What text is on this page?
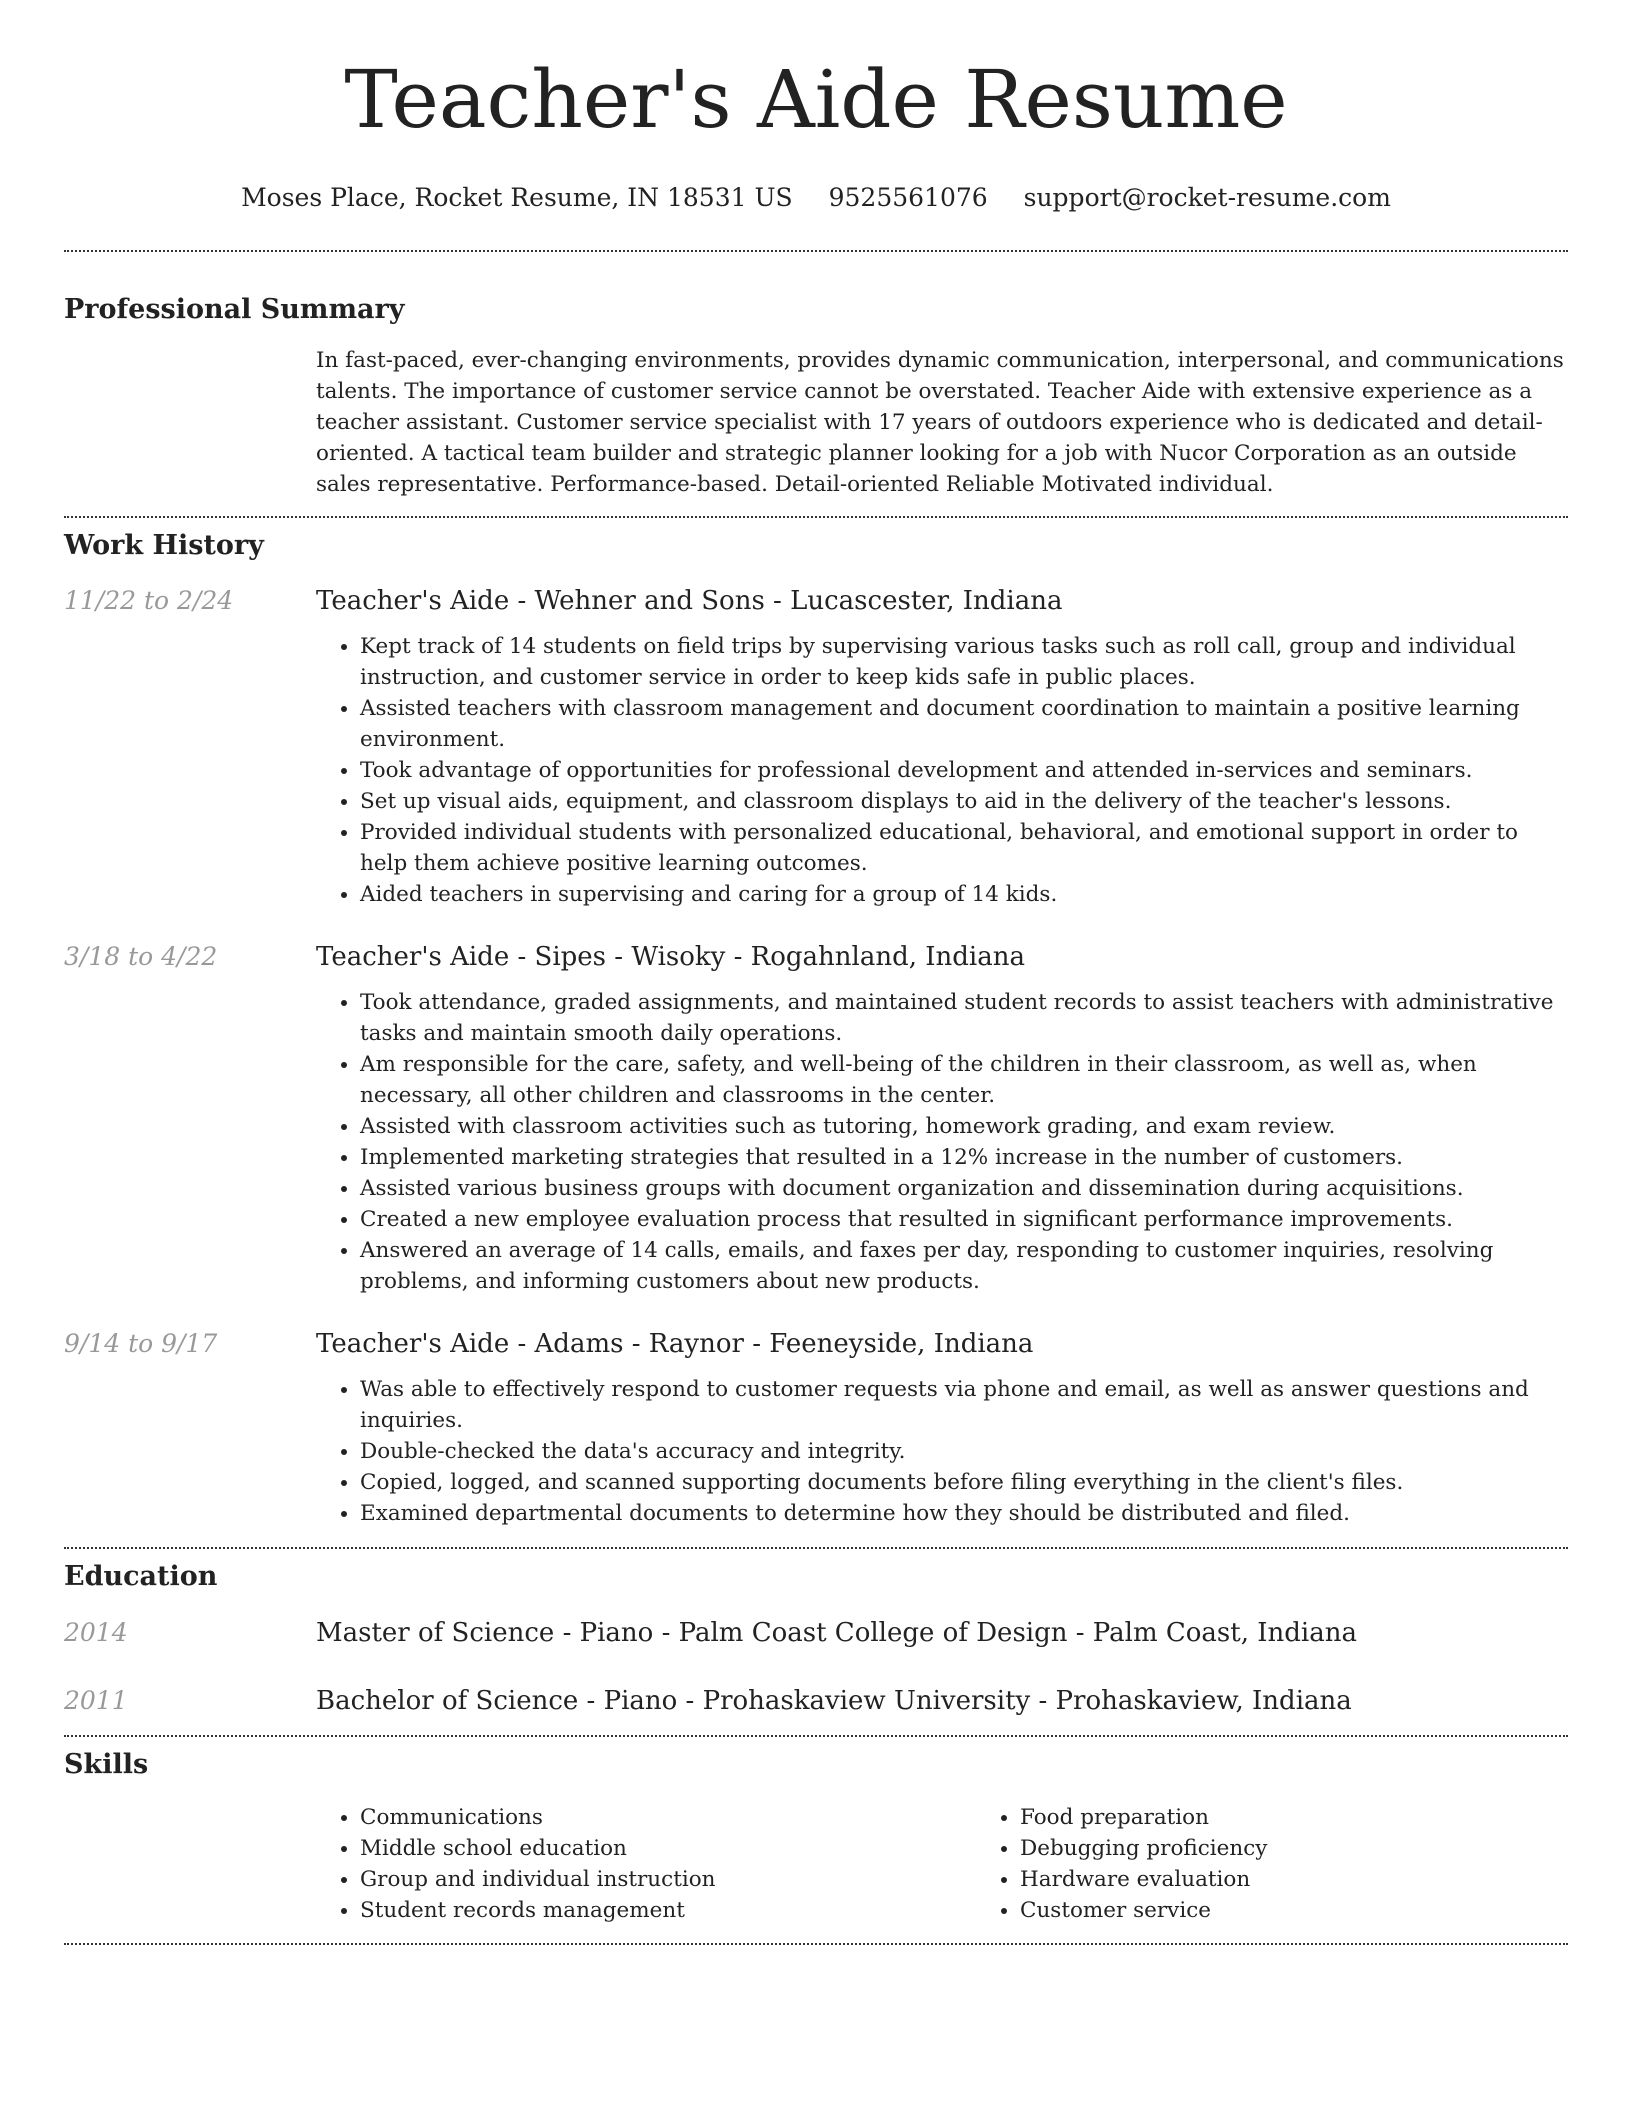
Teacher's Aide Resume
Moses Place, Rocket Resume, IN 18531 US 9525561076 support@rocket-resume.com
Professional Summary
In fast-paced, ever-changing environments, provides dynamic communication, interpersonal, and communications talents. The importance of customer service cannot be overstated. Teacher Aide with extensive experience as a teacher assistant. Customer service specialist with 17 years of outdoors experience who is dedicated and detail-oriented. A tactical team builder and strategic planner looking for a job with Nucor Corporation as an outside sales representative. Performance-based. Detail-oriented Reliable Motivated individual.
Work History
11/22 to 2/24	Teacher's Aide - Wehner and Sons - Lucascester, Indiana
• Kept track of 14 students on field trips by supervising various tasks such as roll call, group and individual instruction, and customer service in order to keep kids safe in public places.
• Assisted teachers with classroom management and document coordination to maintain a positive learning environment.
• Took advantage of opportunities for professional development and attended in-services and seminars.
• Set up visual aids, equipment, and classroom displays to aid in the delivery of the teacher's lessons.
• Provided individual students with personalized educational, behavioral, and emotional support in order to help them achieve positive learning outcomes.
• Aided teachers in supervising and caring for a group of 14 kids.
3/18 to 4/22	Teacher's Aide - Sipes - Wisoky - Rogahnland, Indiana
• Took attendance, graded assignments, and maintained student records to assist teachers with administrative tasks and maintain smooth daily operations.
• Am responsible for the care, safety, and well-being of the children in their classroom, as well as, when necessary, all other children and classrooms in the center.
• Assisted with classroom activities such as tutoring, homework grading, and exam review.
• Implemented marketing strategies that resulted in a 12% increase in the number of customers.
• Assisted various business groups with document organization and dissemination during acquisitions.
• Created a new employee evaluation process that resulted in significant performance improvements.
• Answered an average of 14 calls, emails, and faxes per day, responding to customer inquiries, resolving problems, and informing customers about new products.
9/14 to 9/17	Teacher's Aide - Adams - Raynor - Feeneyside, Indiana
• Was able to effectively respond to customer requests via phone and email, as well as answer questions and inquiries.
• Double-checked the data's accuracy and integrity.
• Copied, logged, and scanned supporting documents before filing everything in the client's files.
• Examined departmental documents to determine how they should be distributed and filed.
Education
2014	Master of Science - Piano - Palm Coast College of Design - Palm Coast, Indiana
2011	Bachelor of Science - Piano - Prohaskaview University - Prohaskaview, Indiana
Skills
• Communications
• Middle school education
• Group and individual instruction
• Student records management
• Food preparation
• Debugging proficiency
• Hardware evaluation
• Customer service
